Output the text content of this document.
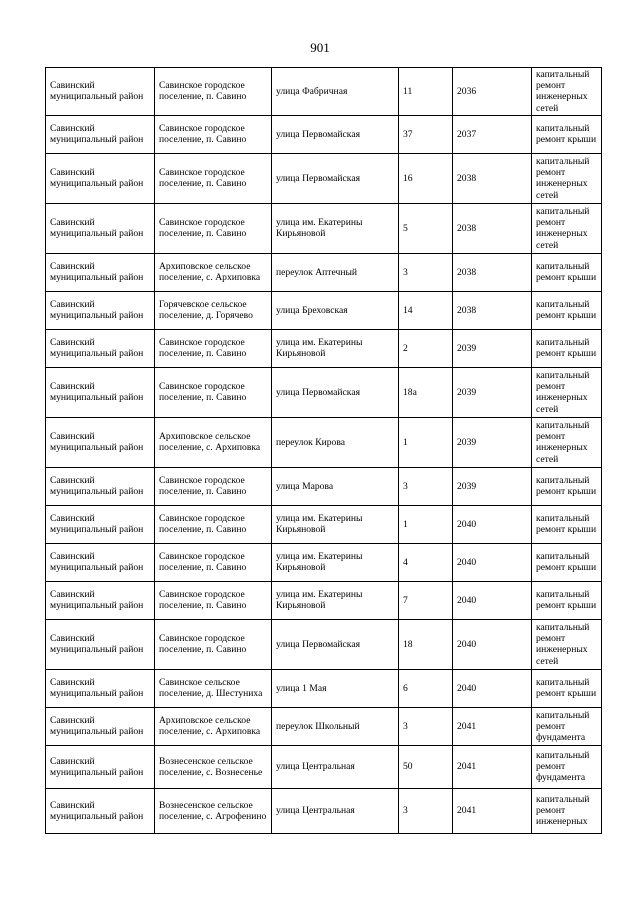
901
Савинский муниципальный район	Савинское городское поселение, п. Савино	улица Фабричная	11	2036	капитальный ремонт инженерных сетей
Савинский муниципальный район	Савинское городское поселение, п. Савино	улица Первомайская	37	2037	капитальный ремонт крыши
Савинский муниципальный район	Савинское городское поселение, п. Савино	улица Первомайская	16	2038	капитальный ремонт инженерных сетей
Савинский муниципальный район	Савинское городское поселение, п. Савино	улица им. Екатерины Кирьяновой	5	2038	капитальный ремонт инженерных сетей
Савинский муниципальный район	Архиповское сельское поселение, с. Архиповка	переулок Аптечный	3	2038	капитальный ремонт крыши
Савинский муниципальный район	Горячевское сельское поселение, д. Горячево	улица Бреховская	14	2038	капитальный ремонт крыши
Савинский муниципальный район	Савинское городское поселение, п. Савино	улица им. Екатерины Кирьяновой	2	2039	капитальный ремонт крыши
Савинский муниципальный район	Савинское городское поселение, п. Савино	улица Первомайская	18а	2039	капитальный ремонт инженерных сетей
Савинский муниципальный район	Архиповское сельское поселение, с. Архиповка	переулок Кирова	1	2039	капитальный ремонт инженерных сетей
Савинский муниципальный район	Савинское городское поселение, п. Савино	улица Марова	3	2039	капитальный ремонт крыши
Савинский муниципальный район	Савинское городское поселение, п. Савино	улица им. Екатерины Кирьяновой	1	2040	капитальный ремонт крыши
Савинский муниципальный район	Савинское городское поселение, п. Савино	улица им. Екатерины Кирьяновой	4	2040	капитальный ремонт крыши
Савинский муниципальный район	Савинское городское поселение, п. Савино	улица им. Екатерины Кирьяновой	7	2040	капитальный ремонт крыши
Савинский муниципальный район	Савинское городское поселение, п. Савино	улица Первомайская	18	2040	капитальный ремонт инженерных сетей
Савинский муниципальный район	Савинское сельское поселение, д. Шестуниха	улица 1 Мая	6	2040	капитальный ремонт крыши
Савинский муниципальный район	Архиповское сельское поселение, с. Архиповка	переулок Школьный	3	2041	капитальный ремонт фундамента
Савинский муниципальный район	Вознесенское сельское поселение, с. Вознесенье	улица Центральная	50	2041	капитальный ремонт фундамента
Савинский муниципальный район	Вознесенское сельское поселение, с. Агрофенино	улица Центральная	3	2041	капитальный ремонт инженерных
